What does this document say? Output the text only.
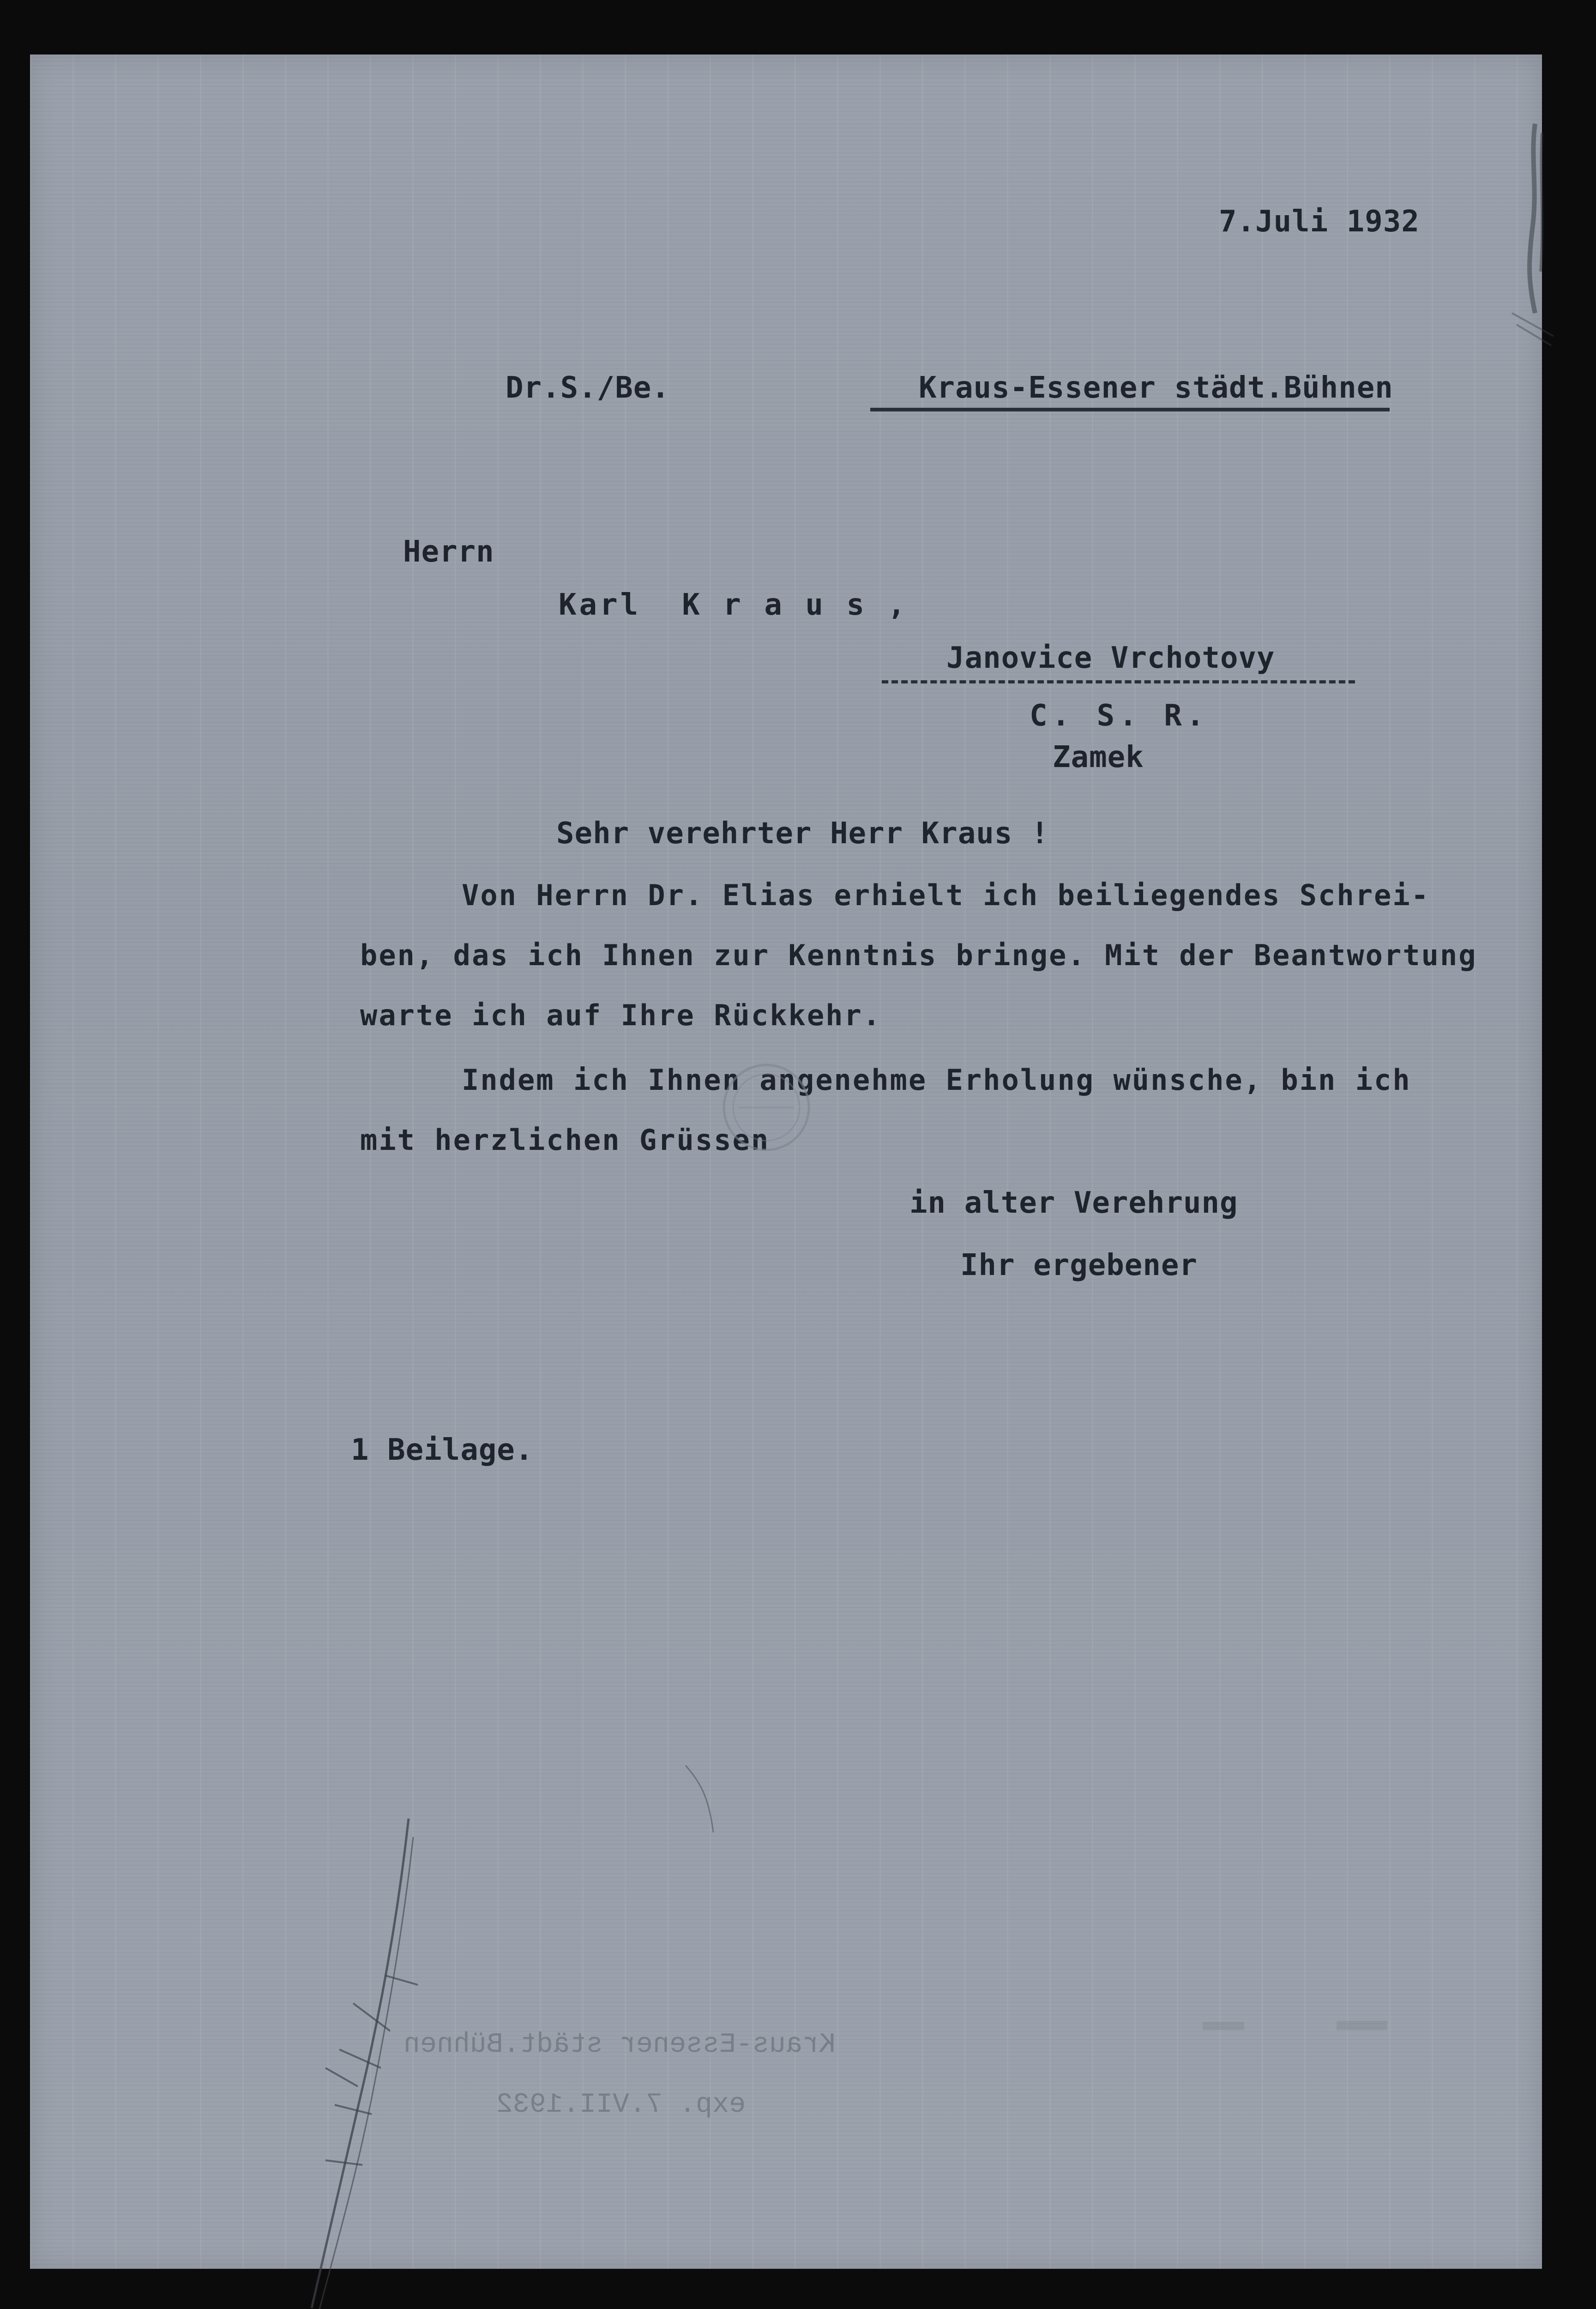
7.Juli 1932
Dr.S./Be.	Kraus-Essener städt.Bühnen
Herrn
Karl  K r a u s ,
Janovice Vrchotovy
C. S. R.
Zamek
Sehr verehrter Herr Kraus !
Von Herrn Dr. Elias erhielt ich beiliegendes Schrei-
ben, das ich Ihnen zur Kenntnis bringe. Mit der Beantwortung
warte ich auf Ihre Rückkehr.
Indem ich Ihnen angenehme Erholung wünsche, bin ich
mit herzlichen Grüssen
in alter Verehrung
Ihr ergebener
1 Beilage.
Kraus-Essener städt.Bühnen
exp. 7.VII.1932
